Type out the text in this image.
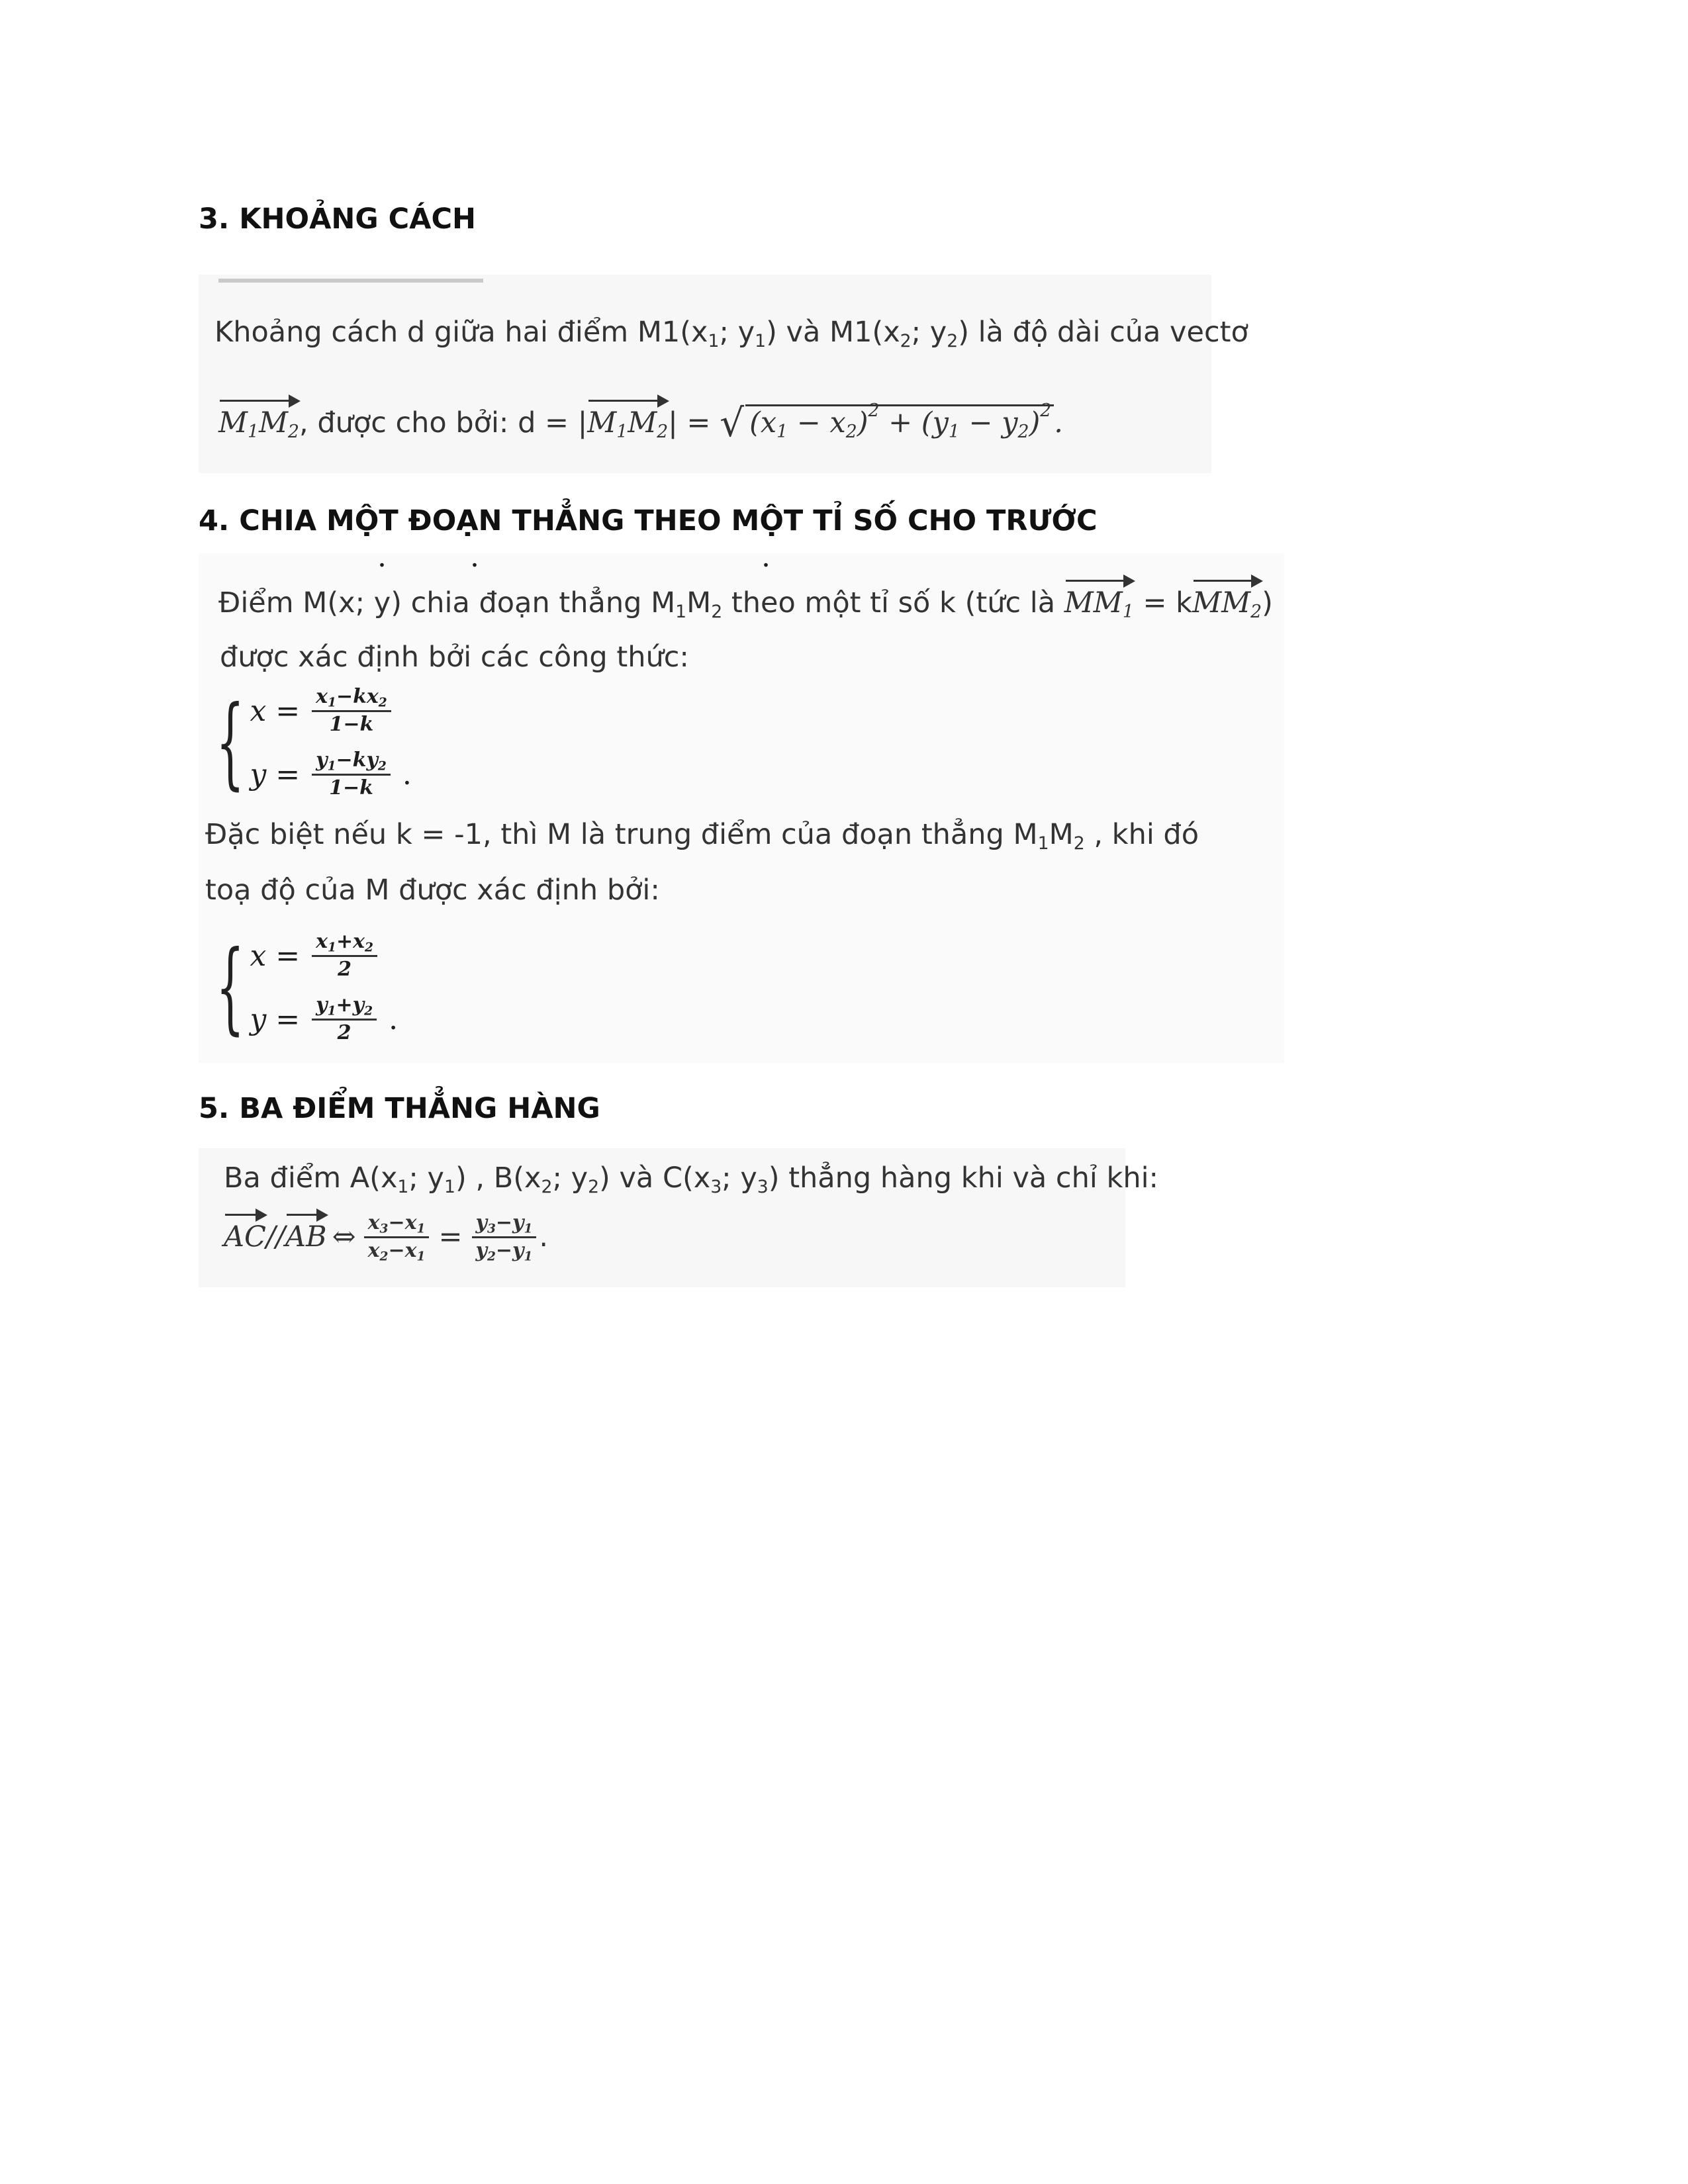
3. KHOẢNG CÁCH
Khoảng cách d giữa hai điểm $M1(x_1$; $y_1$) và $M1(x_2$; $y_2$) là độ dài của vectơ
$M_1M_2$, được cho bởi: $d = |M_1M_2|$ = √ $(x_1 - x_2)^2 + (y_1 - y_2)^2$.
4. CHIA MỘT ĐOẠN THẲNG THEO MỘT TỈ SỐ CHO TRƯỚC
.	.	.
Điểm M(x; y) chia đoạn thẳng $M_1M_2$ theo một tỉ số k (tức là $MM_1 = kMM_2$)
được xác định bởi các công thức:
{ $x = \frac{x_1-kx_2}{1-k}$
$y = \frac{y_1-ky_2}{1-k}$
.
Đặc biệt nếu k = -1, thì M là trung điểm của đoạn thẳng $M_1M_2$ , khi đó
toạ độ của M được xác định bởi:
{ $x = \frac{x_1+x_2}{2}$
$y = \frac{y_1+y_2}{2}$
.
5. BA ĐIỂM THẲNG HÀNG
Ba điểm $A(x_1$; $y_1$) , $B(x_2$; $y_2$) và $C(x_3$; $y_3$) thẳng hàng khi và chỉ khi:
AC // AB ⇔ $\frac{x_3-x_1}{x_2-x_1} = \frac{y_3-y_1}{y_2-y_1}$ .
